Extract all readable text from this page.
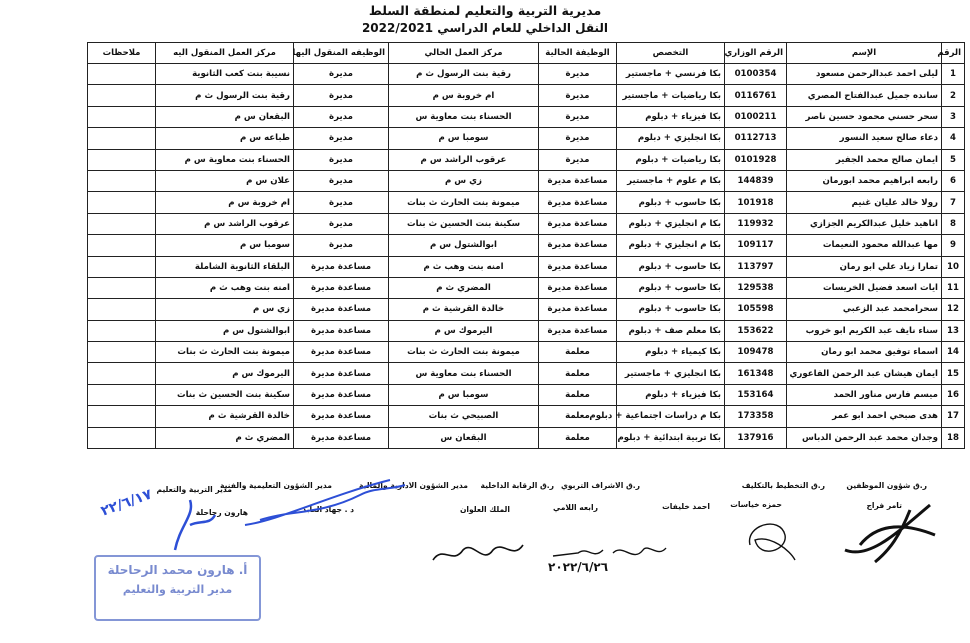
مديرية التربية والتعليم لمنطقة السلط
النقل الداخلي للعام الدراسي 2022/2021
الرقم	الإسم	الرقم الوزاري	التخصص	الوظيفة الحالية	مركز العمل الحالي	الوظيفه المنقول اليها	مركز العمل المنقول اليه	ملاحظات
1	ليلى احمد عبدالرحمن مسعود	0100354	بكا فرنسي + ماجستير	مديرة	رقية بنت الرسول ث م	مديرة	نسيبة بنت كعب الثانوية	
2	سانده جميل عبدالفتاح المصري	0116761	بكا رياضيات + ماجستير	مديرة	ام خروبة س م	مديرة	رقية بنت الرسول ث م	
3	سحر حسني محمود حسين ناصر	0100211	بكا فيزياء + دبلوم	مديرة	الحسناء بنت معاوية س	مديرة	البقعان س م	
4	دعاء صالح سعيد النسور	0112713	بكا انجليزي + دبلوم	مديرة	سومبا س م	مديرة	طباعه س م	
5	ايمان صالح محمد الجفير	0101928	بكا رياضيات + دبلوم	مديرة	عرقوب الراشد س م	مديرة	الحسناء بنت معاوية س م	
6	رابعه ابراهيم محمد ابورمان	144839	بكا م علوم + ماجستير	مساعدة مديرة	زي س م	مديرة	علان س م	
7	رولا خالد عليان غنيم	101918	بكا حاسوب + دبلوم	مساعدة مديرة	ميمونة بنت الحارث ث بنات	مديرة	ام خروبة س م	
8	اناهيد خليل عبدالكريم الجزازي	119932	بكا م انجليزي + دبلوم	مساعدة مديرة	سكينة بنت الحسين ث بنات	مديرة	عرقوب الراشد س م	
9	مها عبدالله محمود النعيمات	109117	بكا م انجليزي + دبلوم	مساعدة مديرة	ابوالشتول س م	مديرة	سومبا س م	
10	تمارا زياد علي ابو رمان	113797	بكا حاسوب + دبلوم	مساعدة مديرة	امنه بنت وهب ث م	مساعدة مديرة	البلقاء الثانوية الشاملة	
11	ايات اسعد فضيل الخريسات	129538	بكا حاسوب + دبلوم	مساعدة مديرة	المضري ث م	مساعدة مديرة	امنه بنت وهب ث م	
12	سحرامحمد عبد الزعبي	105598	بكا حاسوب + دبلوم	مساعدة مديرة	خالدة القرشية ث م	مساعدة مديرة	زي س م	
13	سناء نايف عبد الكريم ابو خروب	153622	بكا معلم صف + دبلوم	مساعدة مديرة	اليرموك س م	مساعدة مديرة	ابوالشتول س م	
14	اسماء توفيق محمد ابو رمان	109478	بكا كيمياء + دبلوم	معلمة	ميمونة بنت الحارث ث بنات	مساعدة مديرة	ميمونة بنت الحارث ث بنات	
15	ايمان هيشان عبد الرحمن الفاعوري	161348	بكا انجليزي + ماجستير	معلمة	الحسناء بنت معاوية س	مساعدة مديرة	اليرموك س م	
16	ميسم فارس مناور الحمد	153164	بكا فيزياء + دبلوم	معلمة	سومبا س م	مساعدة مديرة	سكينة بنت الحسين ث بنات	
17	هدى صبحي احمد ابو عمر	173358	بكا م دراسات اجتماعية + دبلوم	معلمة	الصبيحي ث بنات	مساعدة مديرة	خالدة القرشية ث م	
18	وجدان محمد عبد الرحمن الدباس	137916	بكا تربية ابتدائية + دبلوم	معلمة	البقعان س	مساعدة مديرة	المضري ث م	
ر.ق شؤون الموظفين
ر.ق التخطيط بالتكليف
ر.ق الاشراف التربوي
ر.ق الرقابة الداخلية
مدير الشؤون الادارية والمالية
مدير الشؤون التعليمية والفنية
مدير التربية والتعليم
تامر فراج
حمزه خياسات
احمد خليفات
رابعه اللامي
الملك العلوان
د . جهاد العابد
هارون رحاحلة
٢٢/٦/١٧
٢٠٢٢/٦/٢٦
أ. هارون محمد الرحاحلة
مدير التربية والتعليم
